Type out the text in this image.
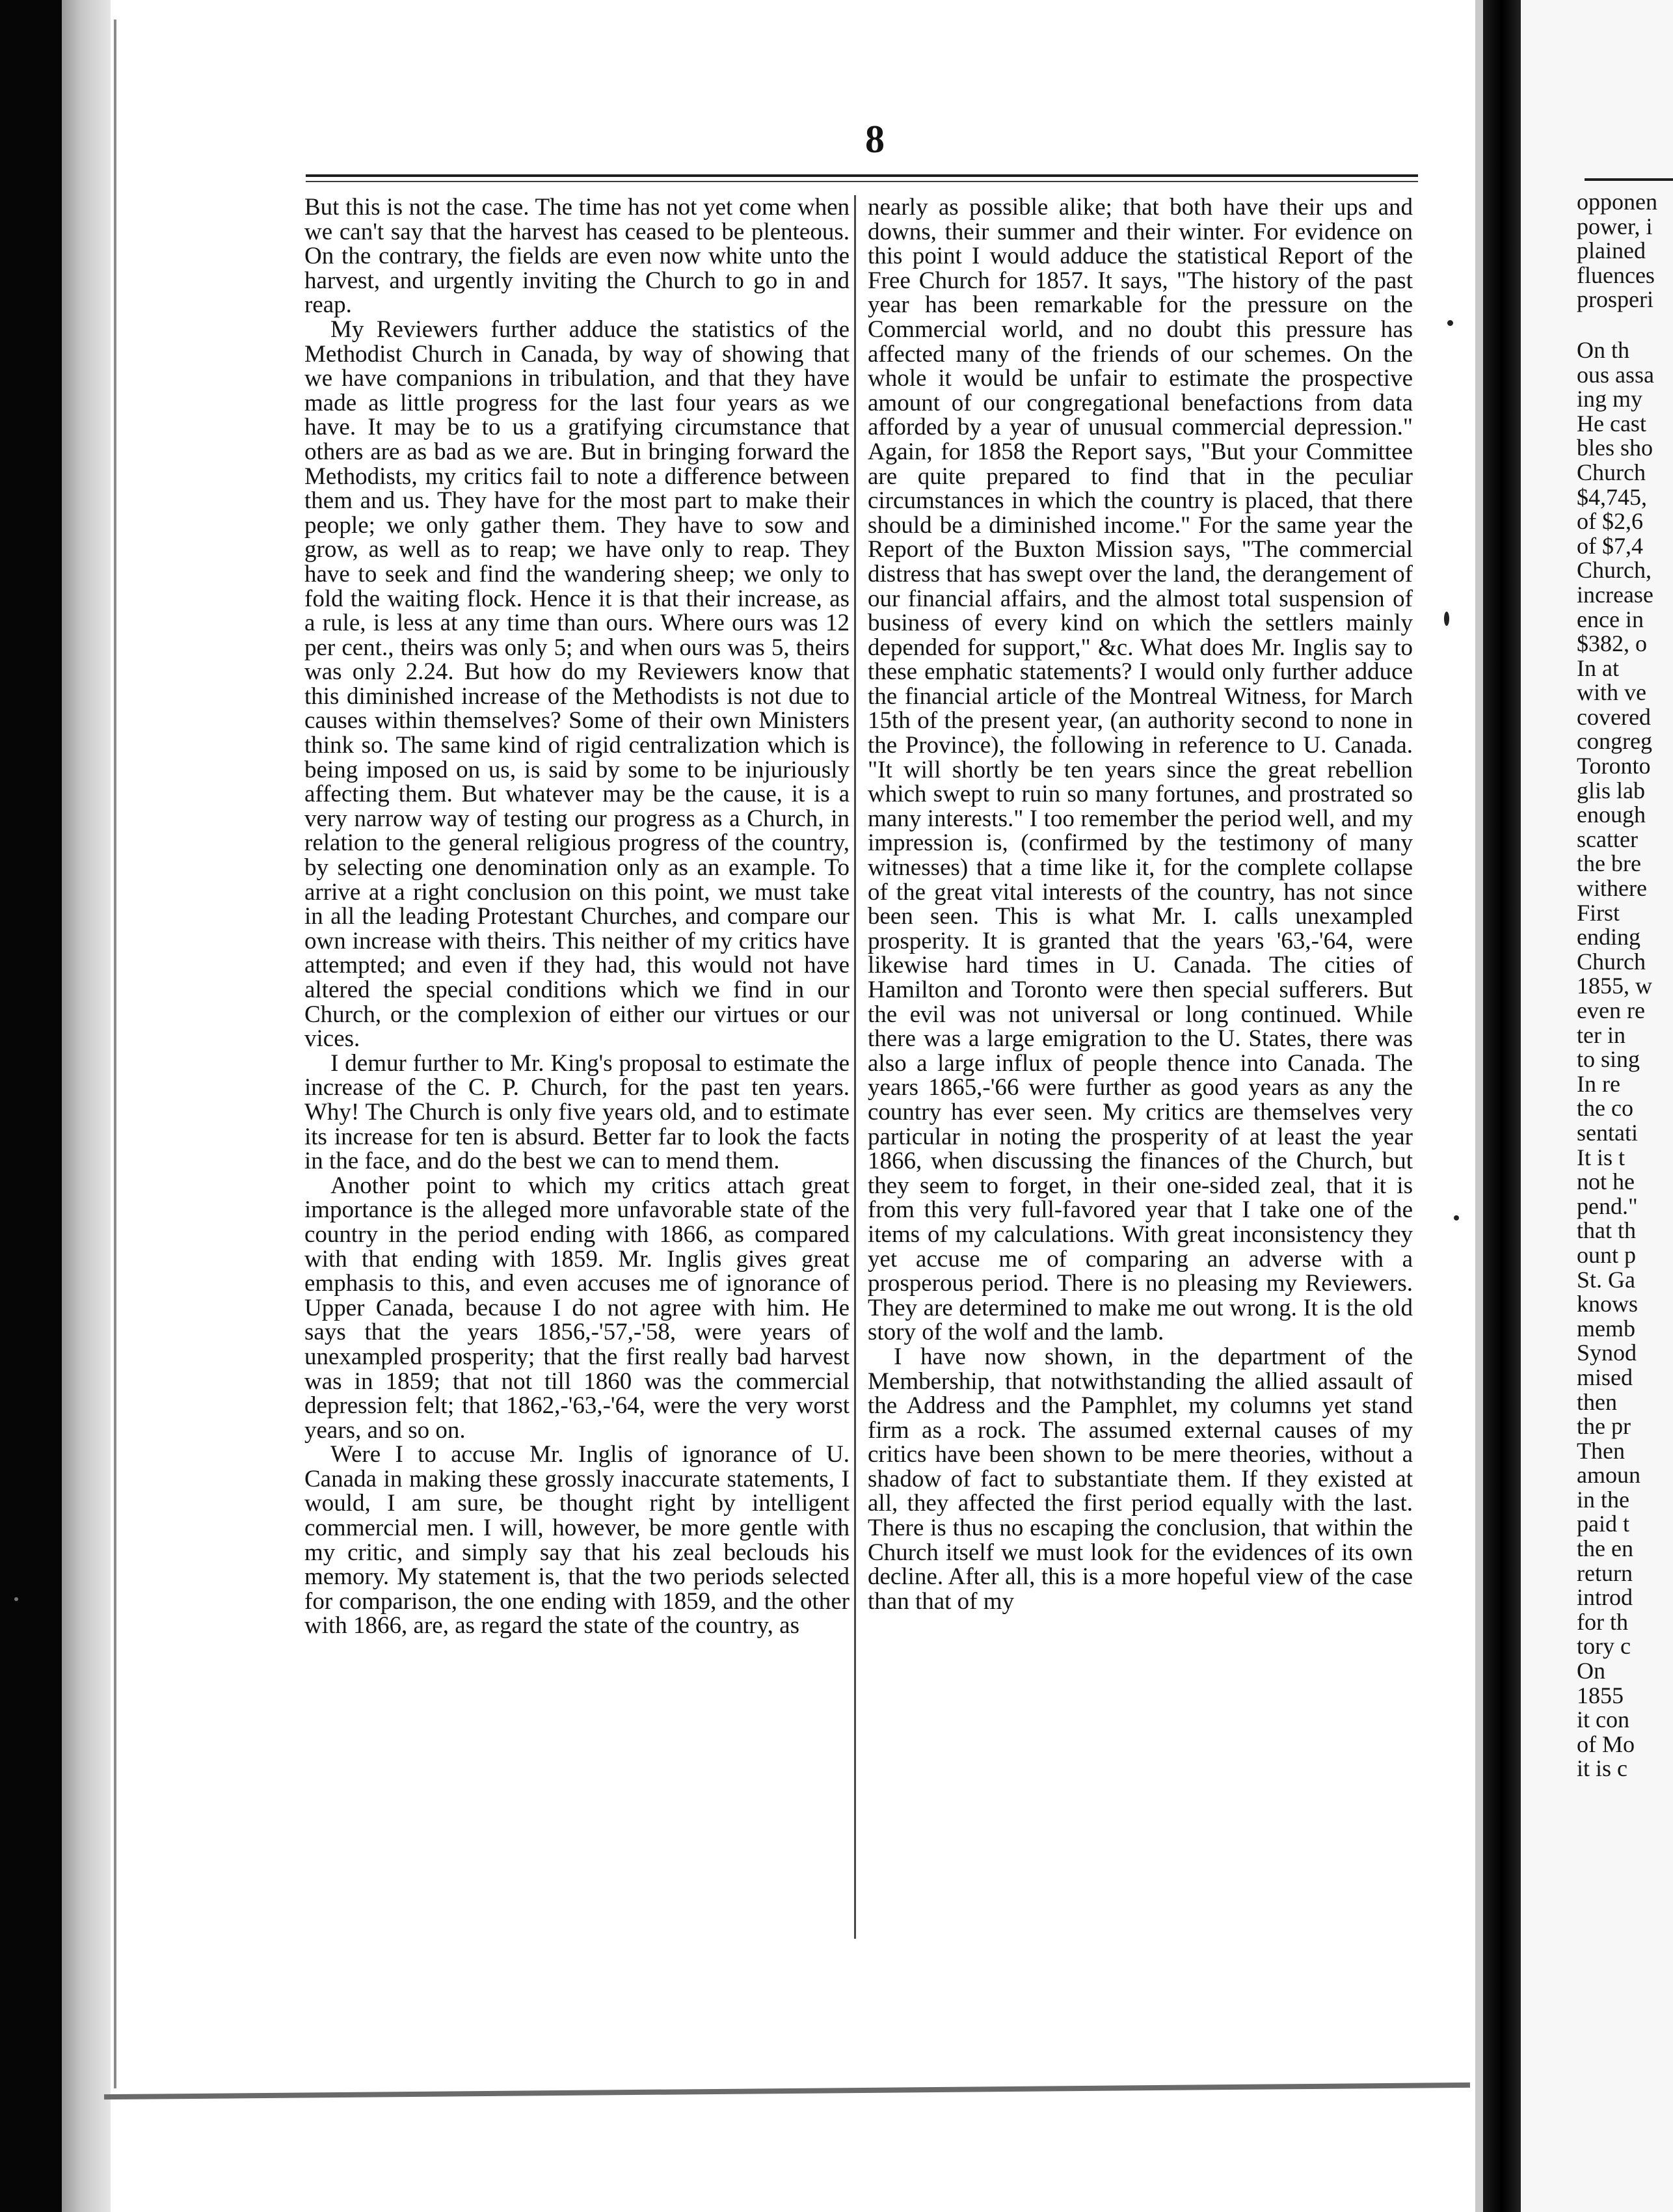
8

But this is not the case. The time has not yet come when we can't say that the harvest has ceased to be plenteous. On the contrary, the fields are even now white unto the harvest, and urgently inviting the Church to go in and reap.

My Reviewers further adduce the statistics of the Methodist Church in Canada, by way of showing that we have companions in tribulation, and that they have made as little progress for the last four years as we have. It may be to us a gratifying circumstance that others are as bad as we are. But in bringing forward the Methodists, my critics fail to note a difference between them and us. They have for the most part to make their people; we only gather them. They have to sow and grow, as well as to reap; we have only to reap. They have to seek and find the wandering sheep; we only to fold the waiting flock. Hence it is that their increase, as a rule, is less at any time than ours. Where ours was 12 per cent., theirs was only 5; and when ours was 5, theirs was only 2.24. But how do my Reviewers know that this diminished increase of the Methodists is not due to causes within themselves? Some of their own Ministers think so. The same kind of rigid centralization which is being imposed on us, is said by some to be injuriously affecting them. But whatever may be the cause, it is a very narrow way of testing our progress as a Church, in relation to the general religious progress of the country, by selecting one denomination only as an example. To arrive at a right conclusion on this point, we must take in all the leading Protestant Churches, and compare our own increase with theirs. This neither of my critics have attempted; and even if they had, this would not have altered the special conditions which we find in our Church, or the complexion of either our virtues or our vices.

I demur further to Mr. King's proposal to estimate the increase of the C. P. Church, for the past ten years. Why! The Church is only five years old, and to estimate its increase for ten is absurd. Better far to look the facts in the face, and do the best we can to mend them.

Another point to which my critics attach great importance is the alleged more unfavorable state of the country in the period ending with 1866, as compared with that ending with 1859. Mr. Inglis gives great emphasis to this, and even accuses me of ignorance of Upper Canada, because I do not agree with him. He says that the years 1856,-'57,-'58, were years of unexampled prosperity; that the first really bad harvest was in 1859; that not till 1860 was the commercial depression felt; that 1862,-'63,-'64, were the very worst years, and so on.

Were I to accuse Mr. Inglis of ignorance of U. Canada in making these grossly inaccurate statements, I would, I am sure, be thought right by intelligent commercial men. I will, however, be more gentle with my critic, and simply say that his zeal beclouds his memory. My statement is, that the two periods selected for comparison, the one ending with 1859, and the other with 1866, are, as regard the state of the country, as

nearly as possible alike; that both have their ups and downs, their summer and their winter. For evidence on this point I would adduce the statistical Report of the Free Church for 1857. It says, "The history of the past year has been remarkable for the pressure on the Commercial world, and no doubt this pressure has affected many of the friends of our schemes. On the whole it would be unfair to estimate the prospective amount of our congregational benefactions from data afforded by a year of unusual commercial depression." Again, for 1858 the Report says, "But your Committee are quite prepared to find that in the peculiar circumstances in which the country is placed, that there should be a diminished income." For the same year the Report of the Buxton Mission says, "The commercial distress that has swept over the land, the derangement of our financial affairs, and the almost total suspension of business of every kind on which the settlers mainly depended for support," &c. What does Mr. Inglis say to these emphatic statements? I would only further adduce the financial article of the Montreal Witness, for March 15th of the present year, (an authority second to none in the Province), the following in reference to U. Canada. "It will shortly be ten years since the great rebellion which swept to ruin so many fortunes, and prostrated so many interests." I too remember the period well, and my impression is, (confirmed by the testimony of many witnesses) that a time like it, for the complete collapse of the great vital interests of the country, has not since been seen. This is what Mr. I. calls unexampled prosperity. It is granted that the years '63,-'64, were likewise hard times in U. Canada. The cities of Hamilton and Toronto were then special sufferers. But the evil was not universal or long continued. While there was a large emigration to the U. States, there was also a large influx of people thence into Canada. The years 1865,-'66 were further as good years as any the country has ever seen. My critics are themselves very particular in noting the prosperity of at least the year 1866, when discussing the finances of the Church, but they seem to forget, in their one-sided zeal, that it is from this very full-favored year that I take one of the items of my calculations. With great inconsistency they yet accuse me of comparing an adverse with a prosperous period. There is no pleasing my Reviewers. They are determined to make me out wrong. It is the old story of the wolf and the lamb.

I have now shown, in the department of the Membership, that notwithstanding the allied assault of the Address and the Pamphlet, my columns yet stand firm as a rock. The assumed external causes of my critics have been shown to be mere theories, without a shadow of fact to substantiate them. If they existed at all, they affected the first period equally with the last. There is thus no escaping the conclusion, that within the Church itself we must look for the evidences of its own decline. After all, this is a more hopeful view of the case than that of my

opponen
power, i
plained
fluences
prosperi
On th
ous assa
ing my
He cast
bles sho
Church
$4,745,
of $2,6
of $7,4
Church,
increase
ence in
$382, o
In at
with ve
covered
congreg
Toronto
glis lab
enough
scatter
the bre
withere
First
ending
Church
1855, w
even re
ter in
to sing
In re
the co
sentati
It is t
not he
pend."
that th
ount p
St. Ga
knows
memb
Synod
mised
then
the pr
Then
amoun
in the
paid t
the en
return
introd
for th
tory c
On
1855
it con
of Mo
it is c
